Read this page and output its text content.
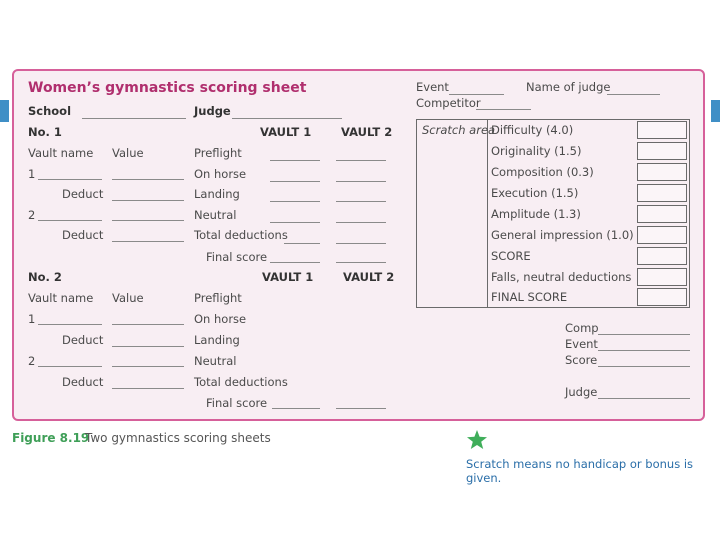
Women’s gymnastics scoring sheet
School	Judge
Event	Name of judge
Competitor
No. 1	VAULT 1	VAULT 2
Vault name Value	Preflight
1	On horse
Deduct	Landing
2	Neutral
Deduct	Total deductions
Final score
No. 2	VAULT 1	VAULT 2
Vault name Value	Preflight
1	On horse
Deduct	Landing
2	Neutral
Deduct	Total deductions
Final score
Scratch area
Difficulty (4.0)
Originality (1.5)
Composition (0.3)
Execution (1.5)
Amplitude (1.3)
General impression (1.0)
SCORE
Falls, neutral deductions
FINAL SCORE
Comp
Event
Score
Judge
Figure 8.19
Two gymnastics scoring sheets
Scratch means no handicap or bonus is given.
